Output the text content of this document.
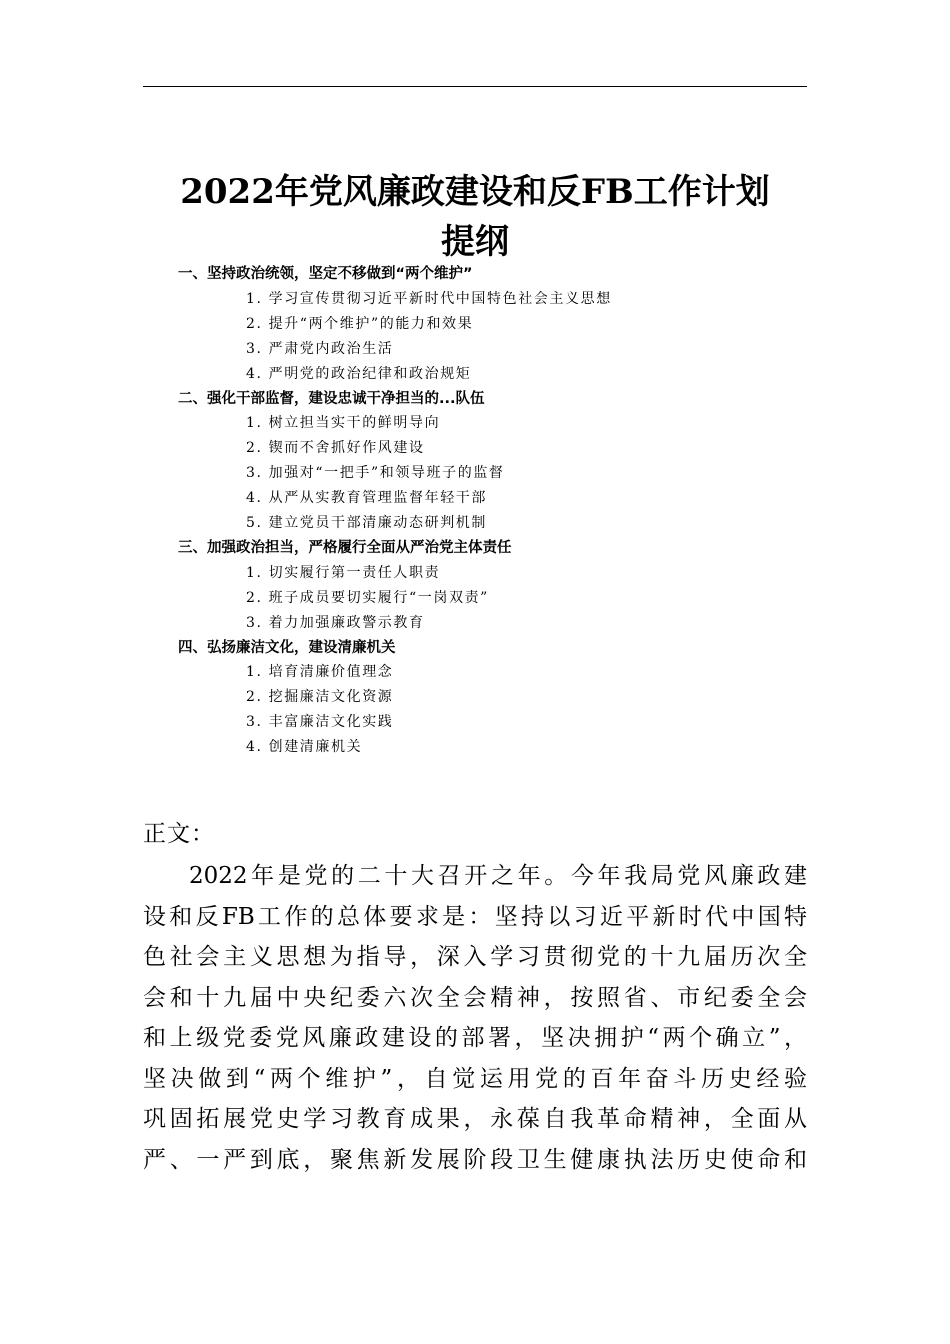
2022年党风廉政建设和反FB工作计划
提纲
一、坚持政治统领，坚定不移做到“两个维护”
1. 学习宣传贯彻习近平新时代中国特色社会主义思想
2. 提升“两个维护”的能力和效果
3. 严肃党内政治生活
4. 严明党的政治纪律和政治规矩
二、强化干部监督，建设忠诚干净担当的...队伍
1. 树立担当实干的鲜明导向
2. 锲而不舍抓好作风建设
3. 加强对“一把手”和领导班子的监督
4. 从严从实教育管理监督年轻干部
5. 建立党员干部清廉动态研判机制
三、加强政治担当，严格履行全面从严治党主体责任
1. 切实履行第一责任人职责
2. 班子成员要切实履行“一岗双责”
3. 着力加强廉政警示教育
四、弘扬廉洁文化，建设清廉机关
1. 培育清廉价值理念
2. 挖掘廉洁文化资源
3. 丰富廉洁文化实践
4. 创建清廉机关
正文：
2022年是党的二十大召开之年。今年我局党风廉政建
设和反FB工作的总体要求是：坚持以习近平新时代中国特
色社会主义思想为指导，深入学习贯彻党的十九届历次全
会和十九届中央纪委六次全会精神，按照省、市纪委全会
和上级党委党风廉政建设的部署，坚决拥护“两个确立”，
坚决做到“两个维护”，自觉运用党的百年奋斗历史经验
巩固拓展党史学习教育成果，永葆自我革命精神，全面从
严、一严到底，聚焦新发展阶段卫生健康执法历史使命和
